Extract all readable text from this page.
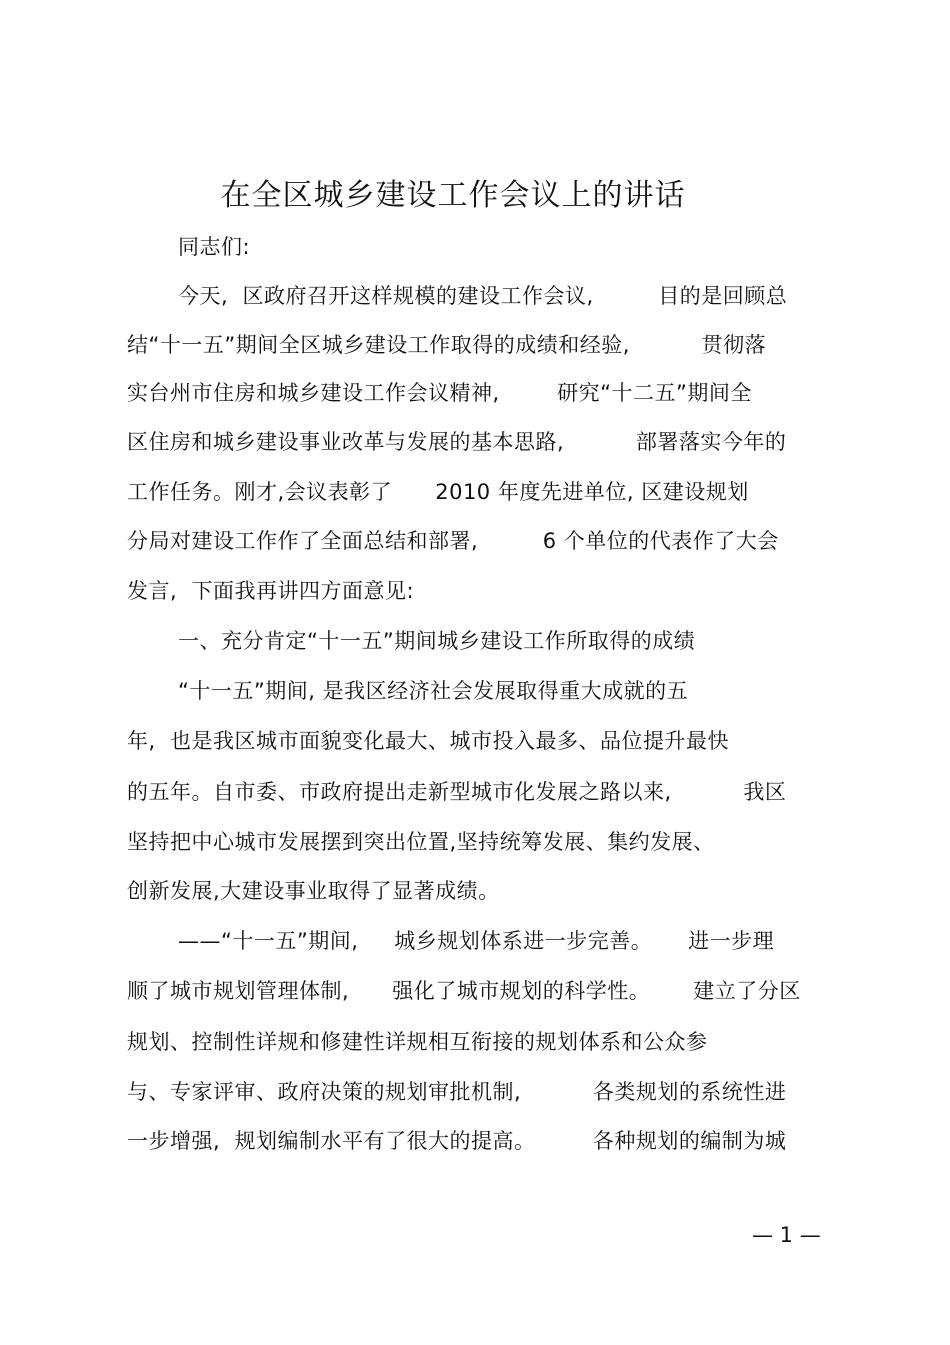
在全区城乡建设工作会议上的讲话
同志们:
今天,  区政府召开这样规模的建设工作会议,         目的是回顾总
结“十一五”期间全区城乡建设工作取得的成绩和经验,          贯彻落
实台州市住房和城乡建设工作会议精神,        研究“十二五”期间全
区住房和城乡建设事业改革与发展的基本思路,          部署落实今年的
工作任务。刚才,会议表彰了      2010 年度先进单位, 区建设规划
分局对建设工作作了全面总结和部署,         6 个单位的代表作了大会
发言,  下面我再讲四方面意见:
一、充分肯定“十一五”期间城乡建设工作所取得的成绩
“十一五”期间, 是我区经济社会发展取得重大成就的五
年,  也是我区城市面貌变化最大、城市投入最多、品位提升最快
的五年。自市委、市政府提出走新型城市化发展之路以来,          我区
坚持把中心城市发展摆到突出位置,坚持统筹发展、集约发展、
创新发展,大建设事业取得了显著成绩。
——“十一五”期间,     城乡规划体系进一步完善。     进一步理
顺了城市规划管理体制,      强化了城市规划的科学性。      建立了分区
规划、控制性详规和修建性详规相互衔接的规划体系和公众参
与、专家评审、政府决策的规划审批机制,          各类规划的系统性进
一步增强,  规划编制水平有了很大的提高。        各种规划的编制为城
— 1 —
